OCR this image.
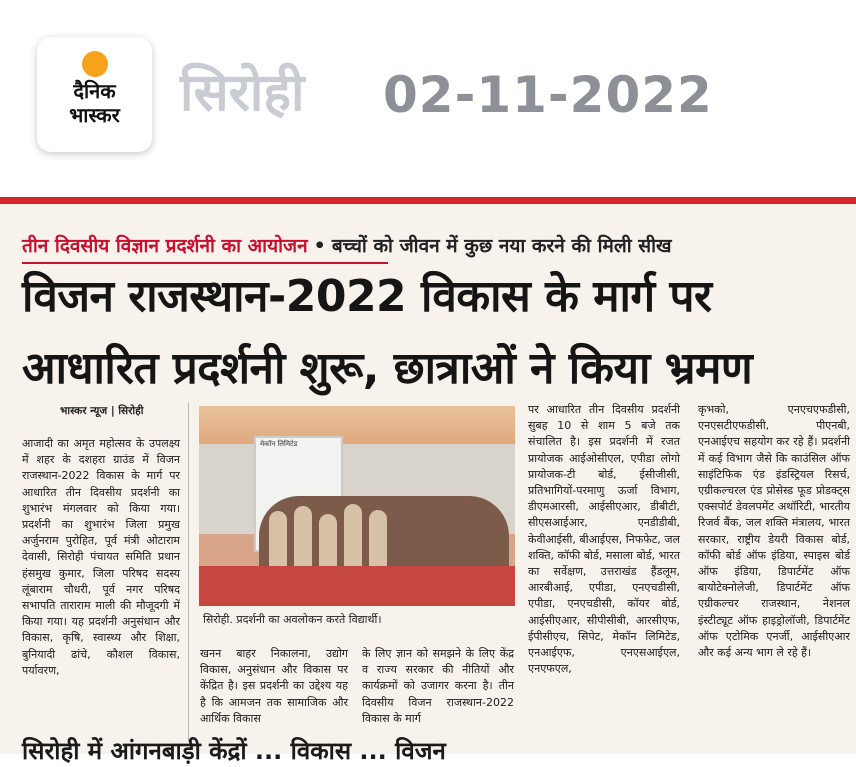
दैनिक
भास्कर	सिरोही 02-11-2022
तीन दिवसीय विज्ञान प्रदर्शनी का आयोजन • बच्चों को जीवन में कुछ नया करने की मिली सीख
विजन राजस्थान-2022 विकास के मार्ग पर
आधारित प्रदर्शनी शुरू, छात्राओं ने किया भ्रमण
भास्कर न्यूज | सिरोही

आजादी का अमृत महोत्सव के उपलक्ष्य में शहर के दशहरा ग्राउंड में विजन राजस्थान-2022 विकास के मार्ग पर आधारित तीन दिवसीय प्रदर्शनी का शुभारंभ मंगलवार को किया गया। प्रदर्शनी का शुभारंभ जिला प्रमुख अर्जुनराम पुरोहित, पूर्व मंत्री ओटाराम देवासी, सिरोही पंचायत समिति प्रधान हंसमुख कुमार, जिला परिषद सदस्य लूंबाराम चौधरी, पूर्व नगर परिषद सभापति ताराराम माली की मौजूदगी में किया गया। यह प्रदर्शनी अनुसंधान और विकास, कृषि, स्वास्थ्य और शिक्षा, बुनियादी ढांचे, कौशल विकास, पर्यावरण,

मेकॉन लिमिटेड
सिरोही. प्रदर्शनी का अवलोकन करते विद्यार्थी।

खनन बाहर निकालना, उद्योग विकास, अनुसंधान और विकास पर केंद्रित है। इस प्रदर्शनी का उद्देश्य यह है कि आमजन तक सामाजिक और आर्थिक विकास

के लिए ज्ञान को समझने के लिए केंद्र व राज्य सरकार की नीतियों और कार्यक्रमों को उजागर करना है। तीन दिवसीय विजन राजस्थान-2022 विकास के मार्ग

पर आधारित तीन दिवसीय प्रदर्शनी सुबह 10 से शाम 5 बजे तक संचालित है। इस प्रदर्शनी में रजत प्रायोजक आईओसीएल, एपीडा लोगो प्रायोजक-टी बोर्ड, ईसीजीसी, प्रतिभागियों-परमाणु ऊर्जा विभाग, डीएमआरसी, आईसीएआर, डीबीटी, सीएसआईआर, एनडीडीबी, केवीआईसी, बीआईएस, निफफेट, जल शक्ति, कॉफी बोर्ड, मसाला बोर्ड, भारत का सर्वेक्षण, उत्तराखंड हैंडलूम, आरबीआई, एपीडा, एनएचडीसी, एपीडा, एनएचडीसी, कॉयर बोर्ड, आईसीएआर, सीपीसीबी, आरसीएफ, ईपीसीएच, सिपेट, मेकॉन लिमिटेड, एनआईएफ, एनएसआईएल, एनएफएल,

कृभको, एनएचएफडीसी, एनएसटीएफडीसी, पीएनबी, एनआईएच सहयोग कर रहे हैं। प्रदर्शनी में कई विभाग जैसे कि काउंसिल ऑफ साइंटिफिक एंड इंडस्ट्रियल रिसर्च, एग्रीकल्चरल एंड प्रोसेस्ड फूड प्रोडक्ट्स एक्सपोर्ट डेवलपमेंट अथॉरिटी, भारतीय रिजर्व बैंक, जल शक्ति मंत्रालय, भारत सरकार, राष्ट्रीय डेयरी विकास बोर्ड, कॉफी बोर्ड ऑफ इंडिया, स्पाइस बोर्ड ऑफ इंडिया, डिपार्टमेंट ऑफ बायोटेक्नोलेजी, डिपार्टमेंट ऑफ एग्रीकल्चर राजस्थान, नेशनल इंस्टीट्यूट ऑफ हाइड्रोलॉजी, डिपार्टमेंट ऑफ एटोमिक एनर्जी, आईसीएआर और कई अन्य भाग ले रहे हैं।

सिरोही में आंगनबाड़ी केंद्रों ... विकास ... विजन
